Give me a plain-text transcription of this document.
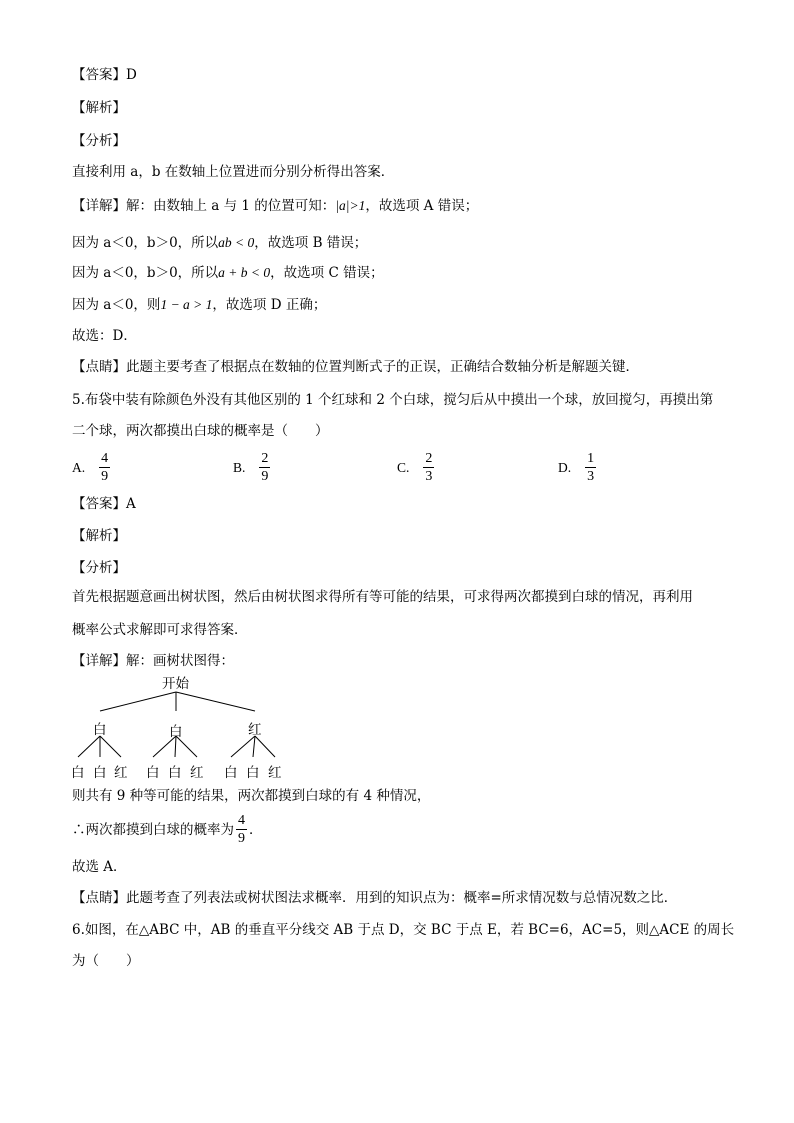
【答案】D
【解析】
【分析】
直接利用 a，b 在数轴上位置进而分别分析得出答案．
【详解】解：由数轴上 a 与 1 的位置可知：|a|>1，故选项 A 错误；
因为 a＜0，b＞0，所以ab < 0，故选项 B 错误；
因为 a＜0，b＞0，所以a + b < 0，故选项 C 错误；
因为 a＜0，则1 − a > 1，故选项 D 正确；
故选：D．
【点睛】此题主要考查了根据点在数轴的位置判断式子的正误，正确结合数轴分析是解题关键．
5.布袋中装有除颜色外没有其他区别的 1 个红球和 2 个白球，搅匀后从中摸出一个球，放回搅匀，再摸出第
二个球，两次都摸出白球的概率是（　　）
A. $\frac{4}{9}$	B. $\frac{2}{9}$	C. $\frac{2}{3}$	D. $\frac{1}{3}$
【答案】A
【解析】
【分析】
首先根据题意画出树状图，然后由树状图求得所有等可能的结果，可求得两次都摸到白球的情况，再利用
概率公式求解即可求得答案．
【详解】解：画树状图得：
开始
白	白	红
白 白 红 白 白 红 白 白 红
则共有 9 种等可能的结果，两次都摸到白球的有 4 种情况，
∴两次都摸到白球的概率为 $\frac{4}{9}$ ．
故选 A．
【点睛】此题考查了列表法或树状图法求概率．用到的知识点为：概率=所求情况数与总情况数之比．
6.如图，在△ABC 中，AB 的垂直平分线交 AB 于点 D，交 BC 于点 E，若 BC=6，AC=5，则△ACE 的周长
为（　　）
